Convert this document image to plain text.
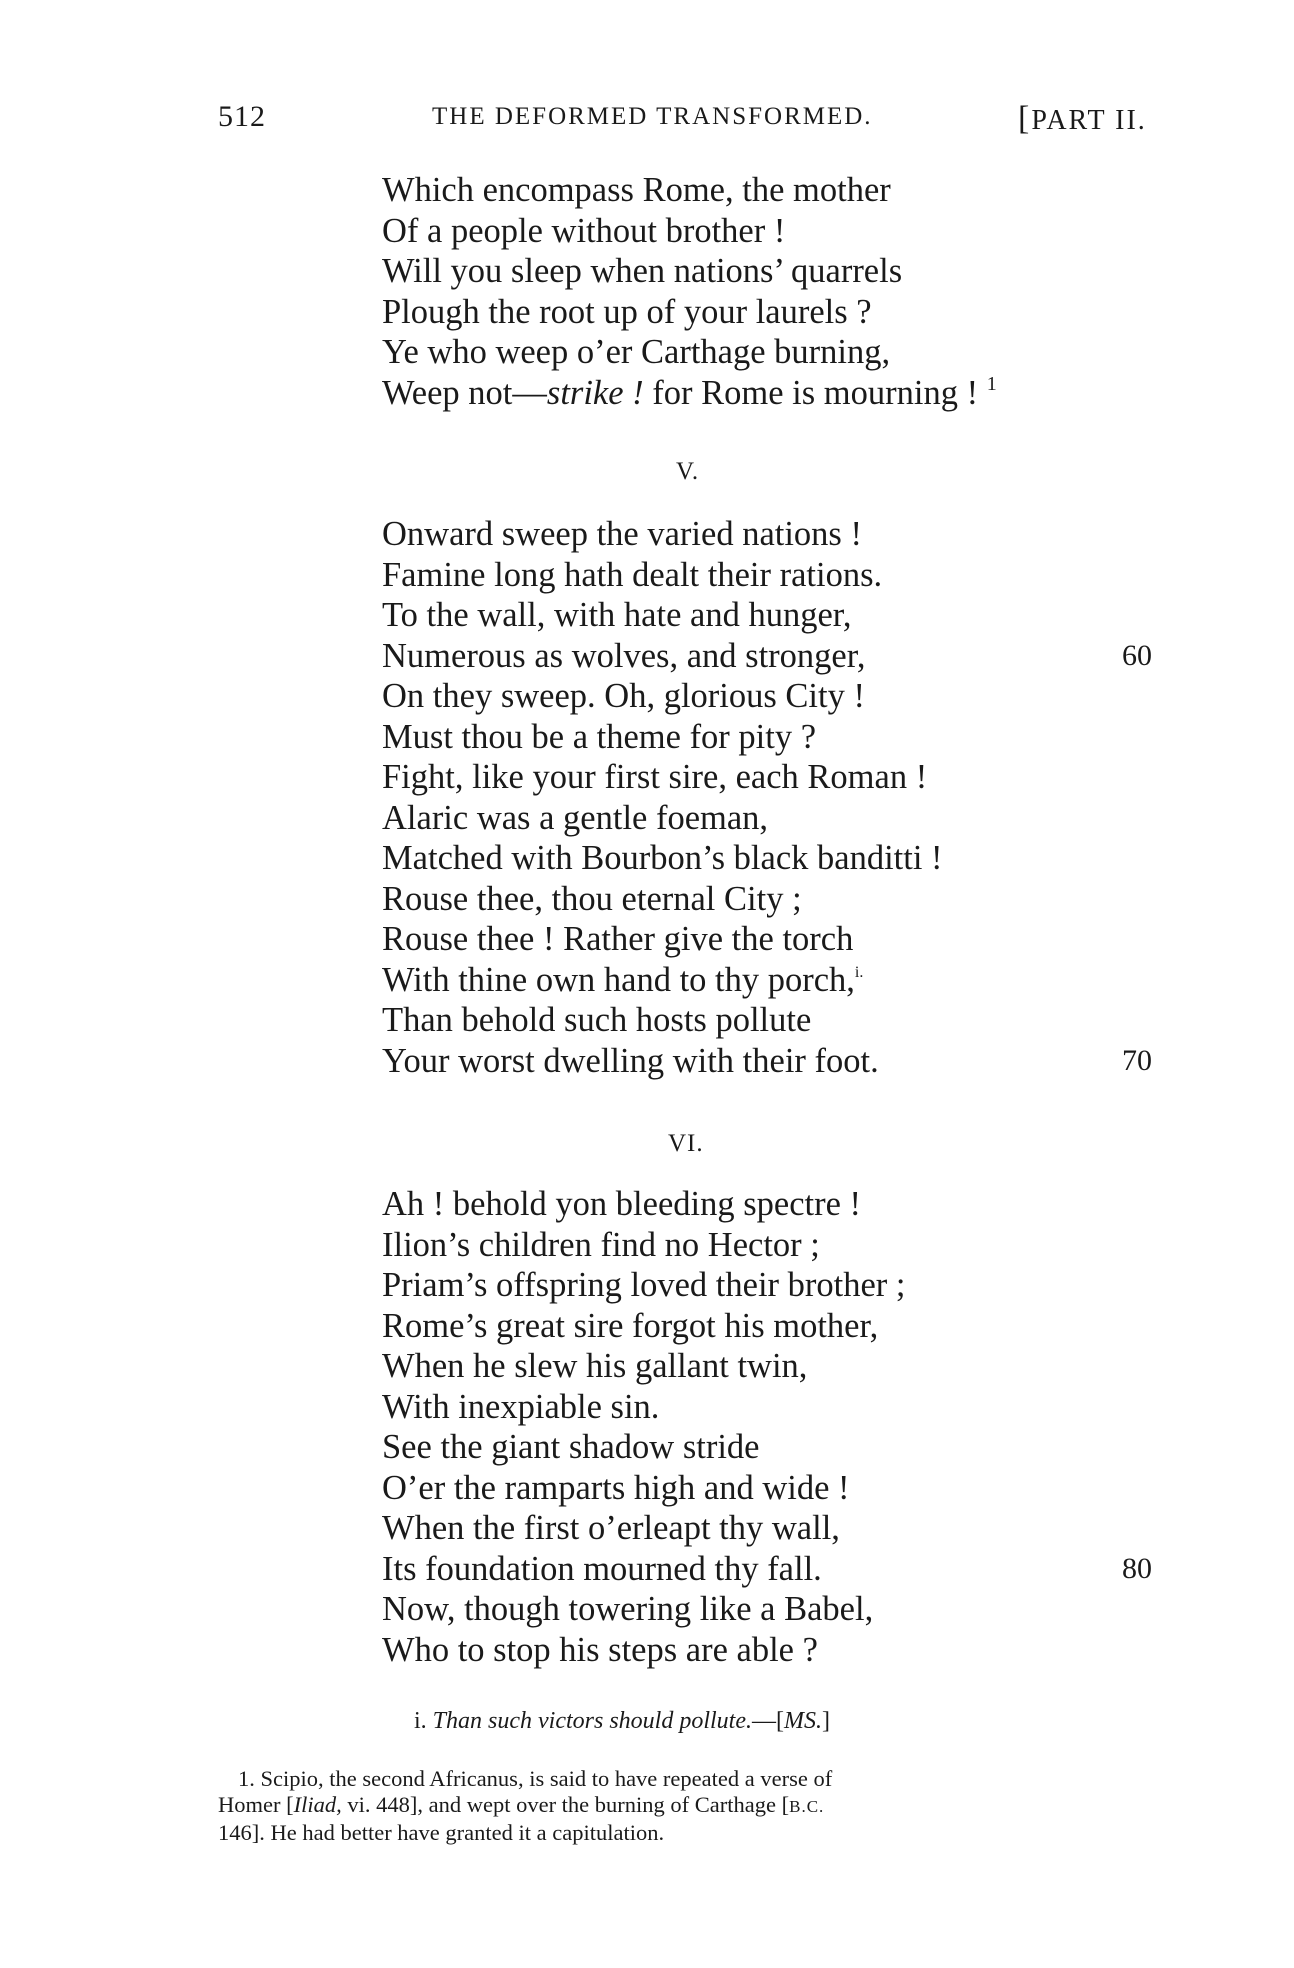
512	THE DEFORMED TRANSFORMED.	[PART II.
Which encompass Rome, the mother
Of a people without brother !
Will you sleep when nations’ quarrels
Plough the root up of your laurels ?
Ye who weep o’er Carthage burning,
Weep not—strike ! for Rome is mourning ! $^1$
V.
Onward sweep the varied nations !
Famine long hath dealt their rations.
To the wall, with hate and hunger,
Numerous as wolves, and stronger,	60
On they sweep. Oh, glorious City !
Must thou be a theme for pity ?
Fight, like your first sire, each Roman !
Alaric was a gentle foeman,
Matched with Bourbon’s black banditti !
Rouse thee, thou eternal City ;
Rouse thee ! Rather give the torch
With thine own hand to thy porch,$^{i.}$
Than behold such hosts pollute
Your worst dwelling with their foot.	70
VI.
Ah ! behold yon bleeding spectre !
Ilion’s children find no Hector ;
Priam’s offspring loved their brother ;
Rome’s great sire forgot his mother,
When he slew his gallant twin,
With inexpiable sin.
See the giant shadow stride
O’er the ramparts high and wide !
When the first o’erleapt thy wall,
Its foundation mourned thy fall.	80
Now, though towering like a Babel,
Who to stop his steps are able ?
i. Than such victors should pollute.—[MS.]
1. Scipio, the second Africanus, is said to have repeated a verse of
Homer [Iliad, vi. 448], and wept over the burning of Carthage [B.C.
146]. He had better have granted it a capitulation.
